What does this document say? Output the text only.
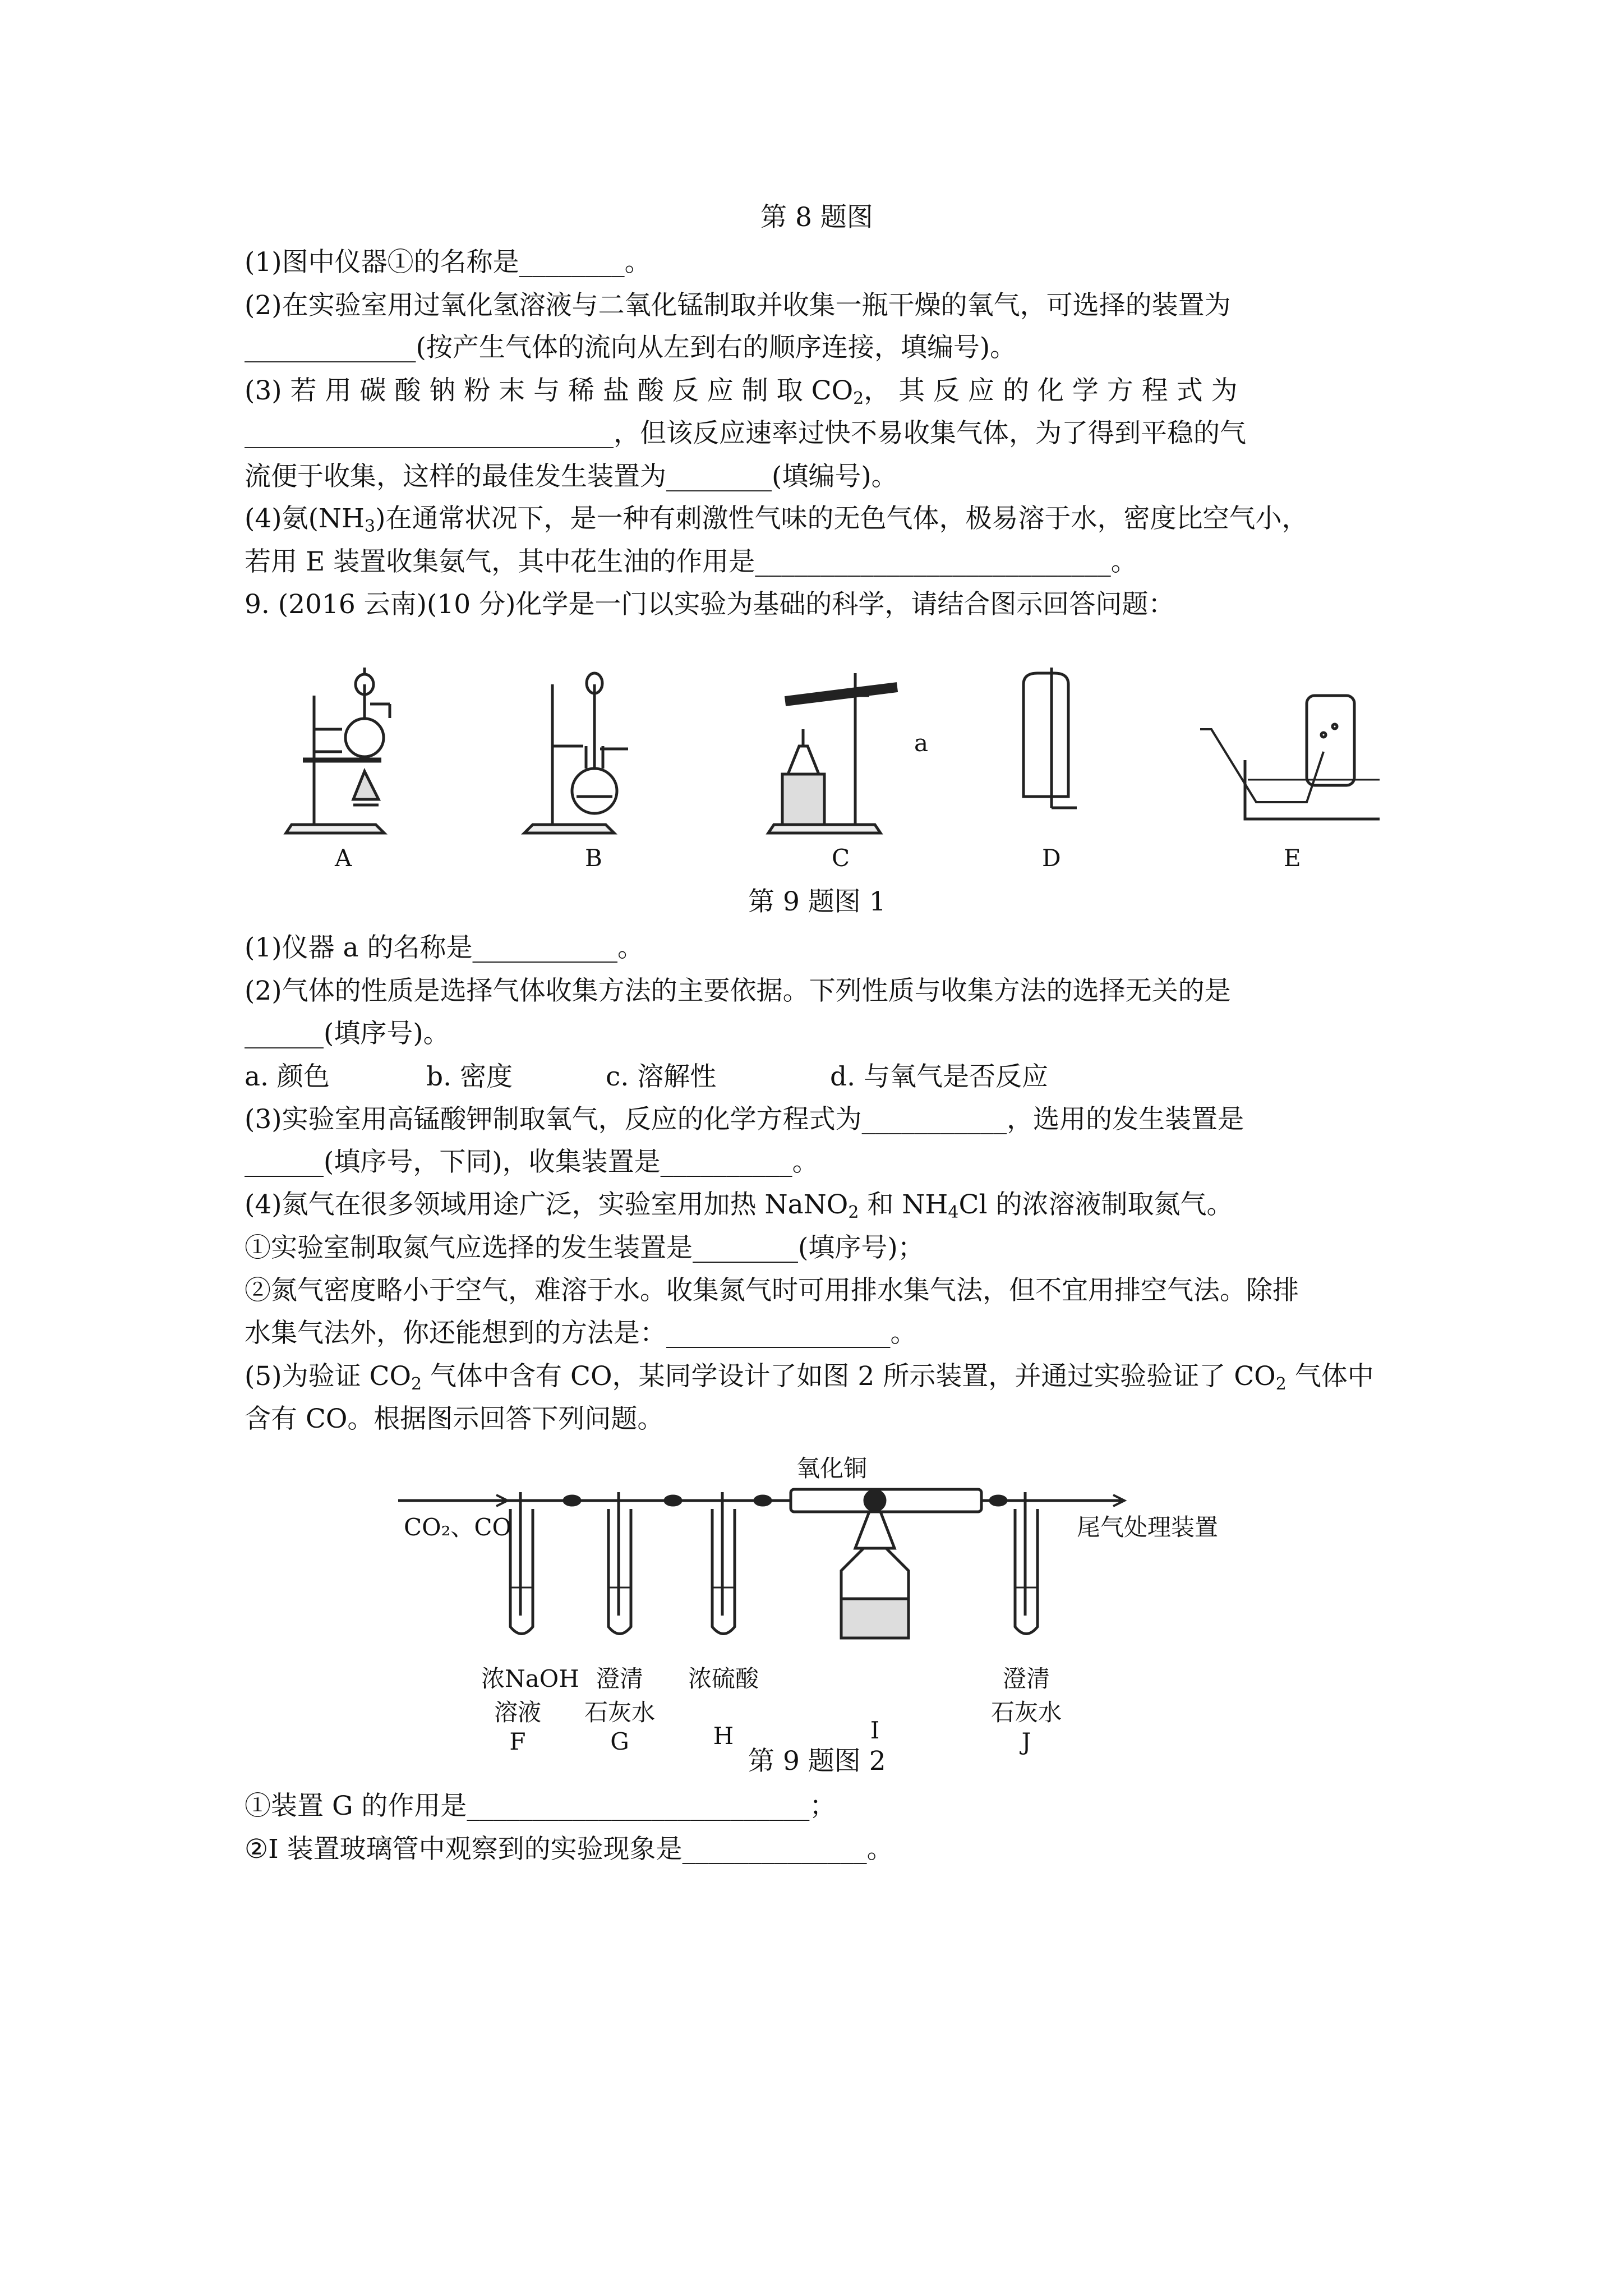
第 8 题图

(1)图中仪器①的名称是________。

(2)在实验室用过氧化氢溶液与二氧化锰制取并收集一瓶干燥的氧气，可选择的装置为

_____________(按产生气体的流向从左到右的顺序连接，填编号)。

(3) 若 用 碳 酸 钠 粉 末 与 稀 盐 酸 反 应 制 取 $CO_2$， 其 反 应 的 化 学 方 程 式 为

____________________________，但该反应速率过快不易收集气体，为了得到平稳的气

流便于收集，这样的最佳发生装置为________(填编号)。

(4)氨$(NH_3)$在通常状况下，是一种有刺激性气味的无色气体，极易溶于水，密度比空气小，

若用 E 装置收集氨气，其中花生油的作用是___________________________。

9. (2016 云南)(10 分)化学是一门以实验为基础的科学，请结合图示回答问题：

a
A	B	C	D	E

第 9 题图 1

(1)仪器 a 的名称是___________。

(2)气体的性质是选择气体收集方法的主要依据。下列性质与收集方法的选择无关的是

______(填序号)。

a. 颜色	b. 密度	c. 溶解性	d. 与氧气是否反应

(3)实验室用高锰酸钾制取氧气，反应的化学方程式为___________，选用的发生装置是

______(填序号，下同)，收集装置是__________。

(4)氮气在很多领域用途广泛，实验室用加热 NaNO$_2$ 和 $NH_4Cl$ 的浓溶液制取氮气。

①实验室制取氮气应选择的发生装置是________(填序号)；

②氮气密度略小于空气，难溶于水。收集氮气时可用排水集气法，但不宜用排空气法。除排

水集气法外，你还能想到的方法是：_________________。

(5)为验证 $CO_2$ 气体中含有 CO，某同学设计了如图 2 所示装置，并通过实验验证了 $CO_2$ 气体中

含有 CO。根据图示回答下列问题。

氧化铜
CO₂、CO	尾气处理装置
浓NaOH
溶液
F
澄清
石灰水
G
浓硫酸
H	I
澄清
石灰水
J

第 9 题图 2

①装置 G 的作用是__________________________；

②I 装置玻璃管中观察到的实验现象是______________。
